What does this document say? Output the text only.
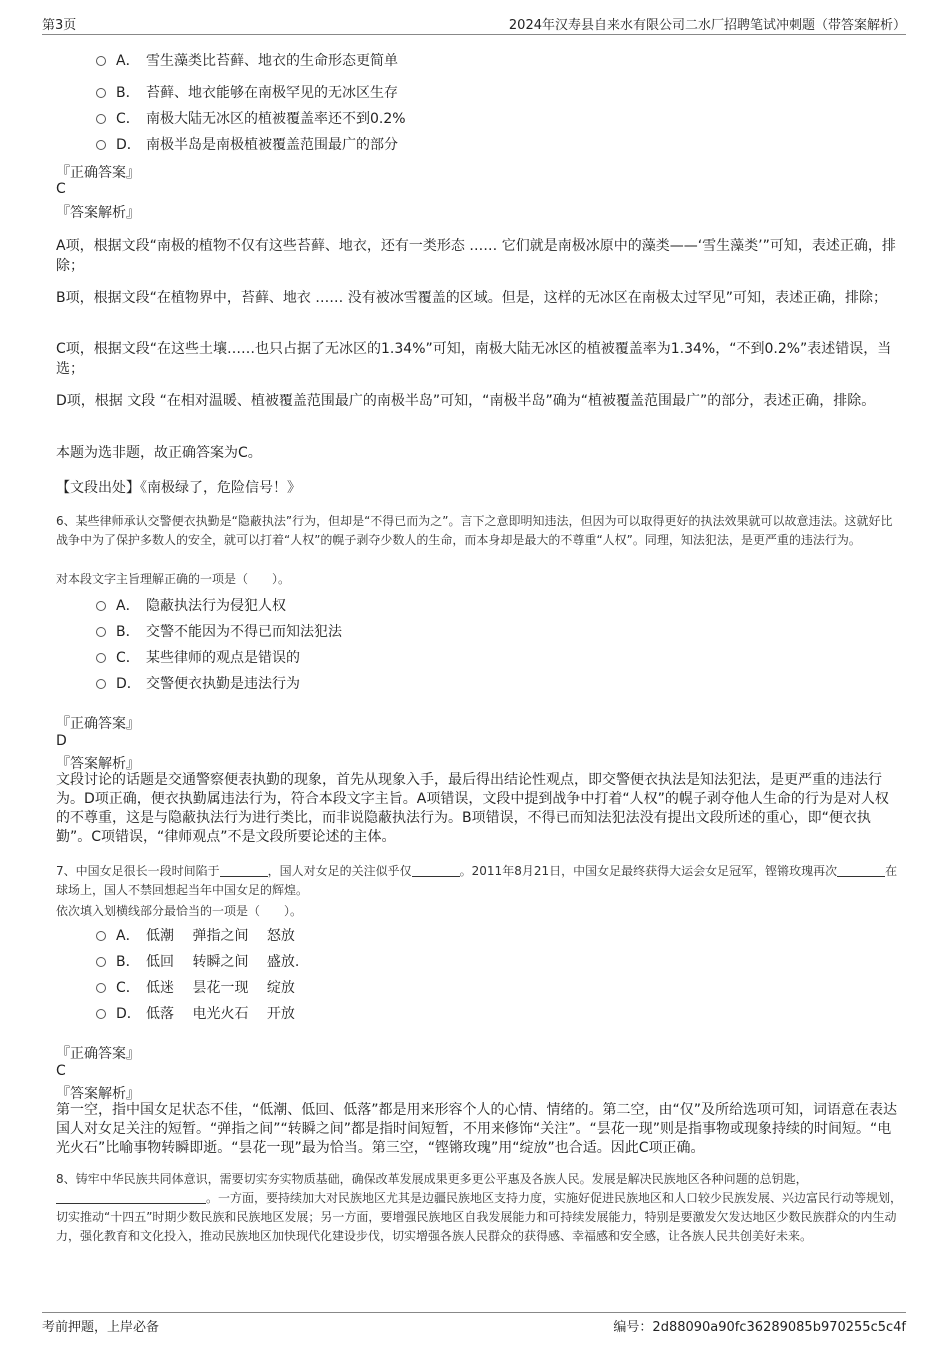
第3页	2024年汉寿县自来水有限公司二水厂招聘笔试冲刺题（带答案解析）
A． 雪生藻类比苔藓、地衣的生命形态更简单
B． 苔藓、地衣能够在南极罕见的无冰区生存
C． 南极大陆无冰区的植被覆盖率还不到0.2%
D． 南极半岛是南极植被覆盖范围最广的部分
『正确答案』
C
『答案解析』
A项，根据文段“南极的植物不仅有这些苔藓、地衣，还有一类形态 …… 它们就是南极冰原中的藻类——‘雪生藻类’”可知，表述正确，排除；
B项，根据文段“在植物界中，苔藓、地衣 …… 没有被冰雪覆盖的区域。但是，这样的无冰区在南极太过罕见”可知，表述正确，排除；
C项，根据文段“在这些土壤……也只占据了无冰区的1.34%”可知，南极大陆无冰区的植被覆盖率为1.34%，“不到0.2%”表述错误，当选；
D项，根据 文段 “在相对温暖、植被覆盖范围最广的南极半岛”可知，“南极半岛”确为“植被覆盖范围最广”的部分，表述正确，排除。
本题为选非题，故正确答案为C。
【文段出处】《南极绿了，危险信号！》
6、某些律师承认交警便衣执勤是“隐蔽执法”行为，但却是“不得已而为之”。言下之意即明知违法，但因为可以取得更好的执法效果就可以故意违法。这就好比战争中为了保护多数人的安全，就可以打着“人权”的幌子剥夺少数人的生命，而本身却是最大的不尊重“人权”。同理，知法犯法，是更严重的违法行为。
对本段文字主旨理解正确的一项是（　　）。
A． 隐蔽执法行为侵犯人权
B． 交警不能因为不得已而知法犯法
C． 某些律师的观点是错误的
D． 交警便衣执勤是违法行为
『正确答案』
D
『答案解析』
文段讨论的话题是交通警察便表执勤的现象，首先从现象入手，最后得出结论性观点，即交警便衣执法是知法犯法，是更严重的违法行为。D项正确，便衣执勤属违法行为，符合本段文字主旨。A项错误，文段中提到战争中打着“人权”的幌子剥夺他人生命的行为是对人权的不尊重，这是与隐蔽执法行为进行类比，而非说隐蔽执法行为。B项错误，不得已而知法犯法没有提出文段所述的重心，即“便衣执勤”。C项错误，“律师观点”不是文段所要论述的主体。
7、中国女足很长一段时间陷于	，国人对女足的关注似乎仅	。2011年8月21日，中国女足最终获得大运会女足冠军，铿锵玫瑰再次	在球场上，国人不禁回想起当年中国女足的辉煌。
依次填入划横线部分最恰当的一项是（　　）。
A． 低潮　 弹指之间　 怒放
B． 低回　 转瞬之间　 盛放.
C． 低迷　 昙花一现　 绽放
D． 低落　 电光火石　 开放
『正确答案』
C
『答案解析』
第一空，指中国女足状态不佳，“低潮、低回、低落”都是用来形容个人的心情、情绪的。第二空，由“仅”及所给选项可知，词语意在表达国人对女足关注的短暂。“弹指之间”“转瞬之间”都是指时间短暂，不用来修饰“关注”。“昙花一现”则是指事物或现象持续的时间短。“电光火石”比喻事物转瞬即逝。“昙花一现”最为恰当。第三空，“铿锵玫瑰”用“绽放”也合适。因此C项正确。
8、铸牢中华民族共同体意识，需要切实夯实物质基础，确保改革发展成果更多更公平惠及各族人民。发展是解决民族地区各种问题的总钥匙，。一方面，要持续加大对民族地区尤其是边疆民族地区支持力度，实施好促进民族地区和人口较少民族发展、兴边富民行动等规划，切实推动“十四五”时期少数民族和民族地区发展；另一方面，要增强民族地区自我发展能力和可持续发展能力，特别是要激发欠发达地区少数民族群众的内生动力，强化教育和文化投入，推动民族地区加快现代化建设步伐，切实增强各族人民群众的获得感、幸福感和安全感，让各族人民共创美好未来。
考前押题，上岸必备	编号：2d88090a90fc36289085b970255c5c4f
